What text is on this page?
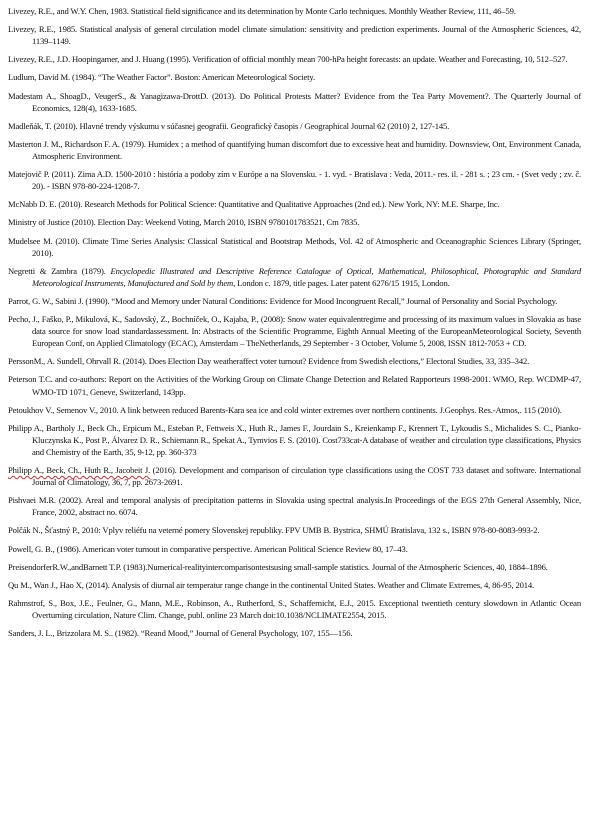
Livezey, R.E., and W.Y. Chen, 1983. Statistical field significance and its determination by Monte Carlo techniques. Monthly Weather Review, 111, 46–59.

Livezey, R.E., 1985. Statistical analysis of general circulation model climate simulation: sensitivity and prediction experiments. Journal of the Atmospheric Sciences, 42, 1139–1149.

Livezey, R.E., J.D. Hoopingamer, and J. Huang (1995). Verification of official monthly mean 700-hPa height forecasts: an update. Weather and Forecasting, 10, 512–527.

Ludlum, David M. (1984). “The Weather Factor”. Boston: American Meteorological Society.

Madestam A., ShoagD., VeugerS., & Yanagizawa-DrottD. (2013). Do Political Protests Matter? Evidence from the Tea Party Movement?. The Quarterly Journal of Economics, 128(4), 1633-1685.

Madleňák, T. (2010). Hlavné trendy výskumu v súčasnej geografii. Geografický časopis / Geographical Journal 62 (2010) 2, 127-145.

Masterton J. M., Richardson F. A. (1979). Humidex ; a method of quantifying human discomfort due to excessive heat and humidity. Downsview, Ont, Environment Canada, Atmospheric Environment.

Matejovič P. (2011). Zima A.D. 1500-2010 : história a podoby zím v Európe a na Slovensku. - 1. vyd. - Bratislava : Veda, 2011.- res. il. - 281 s. ; 23 cm. - (Svet vedy ; zv. č. 20). - ISBN 978-80-224-1208-7.

McNabb D. E. (2010). Research Methods for Political Science: Quantitative and Qualitative Approaches (2nd ed.). New York, NY: M.E. Sharpe, Inc.

Ministry of Justice (2010). Election Day: Weekend Voting, March 2010, ISBN 9780101783521, Cm 7835.

Mudelsee M. (2010). Climate Time Series Analysis: Classical Statistical and Bootstrap Methods, Vol. 42 of Atmospheric and Oceanographic Sciences Library (Springer, 2010).

Negretti & Zambra (1879). Encyclopedic Illustrated and Descriptive Reference Catalogue of Optical, Mathematical, Philosophical, Photographic and Standard Meteorological Instruments, Manufactured and Sold by them, London c. 1879, title pages. Later patent 6276/15 1915, London.

Parrot, G. W., Sabini J. (1990). “Mood and Memory under Natural Conditions: Evidence for Mood Incongruent Recall,” Journal of Personality and Social Psychology.

Pecho, J., Faško, P., Mikulová, K., Sadovský, Z., Bochníček, O., Kajaba, P., (2008): Snow water equivalentregime and processing of its maximum values in Slovakia as base data source for snow load standardassessment. In: Abstracts of the Scientific Programme, Eighth Annual Meeting of the EuropeanMeteorological Society, Seventh European Conf, on Applied Climatology (ECAC), Amsterdam – TheNetherlands, 29 September - 3 October, Volume 5, 2008, ISSN 1812-7053 + CD.

PerssonM., A. Sundell, Ohrvall R. (2014). Does Election Day weatheraffect voter turnout? Evidence from Swedish elections,” Electoral Studies, 33, 335–342.

Peterson T.C. and co-authors: Report on the Activities of the Working Group on Climate Change Detection and Related Rapporteurs 1998-2001. WMO, Rep. WCDMP-47, WMO-TD 1071, Geneve, Switzerland, 143pp.

Petoukhov V., Semenov V., 2010. A link between reduced Barents-Kara sea ice and cold winter extremes over northern continents. J.Geophys. Res.-Atmos,. 115 (2010).

Philipp A., Bartholy J., Beck Ch., Erpicum M., Esteban P., Fettweis X., Huth R., James F., Jourdain S., Kreienkamp F., Krennert T., Lykoudis S., Michalides S. C., Pianko-Kluczynska K., Post P., Álvarez D. R., Schiemann R., Spekat A., Tymvios F. S. (2010). Cost733cat-A database of weather and circulation type classifications, Physics and Chemistry of the Earth, 35, 9-12, pp. 360-373

Philipp A., Beck, Ch., Huth R., Jacobeit J. (2016). Development and comparison of circulation type classifications using the COST 733 dataset and software. International Journal of Climatology, 36, 7, pp. 2673-2691.

Pishvaei M.R. (2002). Areal and temporal analysis of precipitation patterns in Slovakia using spectral analysis.In Proceedings of the EGS 27th General Assembly, Nice, France, 2002, abstract no. 6074.

Polčák N., Šťastný P., 2010: Vplyv reliéfu na veterné pomery Slovenskej republiky. FPV UMB B. Bystrica, SHMÚ Bratislava, 132 s., ISBN 978-80-8083-993-2.

Powell, G. B., (1986). American voter turnout in comparative perspective. American Political Science Review 80, 17–43.

PreisendorferR.W.,andBarnett T.P. (1983).Numerical-realityintercomparisontestsusing small-sample statistics. Journal of the Atmospheric Sciences, 40, 1884–1896.

Qu M., Wan J., Hao X, (2014). Analysis of diurnal air temperatur range change in the continental United States. Weather and Climate Extremes, 4, 86-95, 2014.

Rahmstrof, S., Box, J.E., Feulner, G., Mann, M.E., Robinson, A., Rutherford, S., Schaffernicht, E.J., 2015. Exceptional twentieth century slowdown in Atlantic Ocean Overturning circulation, Nature Clim. Change, publ. online 23 March doi:10.1038/NCLIMATE2554, 2015.

Sanders, J. L., Brizzolara M. S.. (1982). “Reand Mood,” Journal of General Psychology, 107, 155—156.
